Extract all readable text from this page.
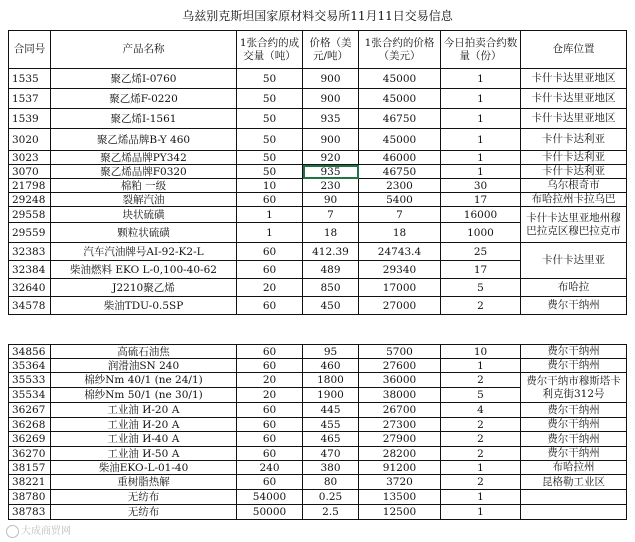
乌兹别克斯坦国家原材料交易所11月11日交易信息
合同号	产品名称	1张合约的成交量（吨）	价格（美元/吨）	1张合约的价格（美元）	今日拍卖合约数量（份）	仓库位置
1535	聚乙烯I-0760	50	900	45000	1	卡什卡达里亚地区
1537	聚乙烯F-0220	50	900	45000	1	卡什卡达里亚地区
1539	聚乙烯I-1561	50	935	46750	1	卡什卡达里亚地区
3020	聚乙烯品牌B-Y 460	50	900	45000	1	卡什卡达利亚
3023	聚乙烯品牌PY342	50	920	46000	1	卡什卡达利亚
3070	聚乙烯品牌F0320	50	935	46750	1	卡什卡达利亚
21798	棉粕 一级	10	230	2300	30	乌尔根奇市
29248	裂解汽油	60	90	5400	17	布哈拉州卡拉乌巴
29558	块状硫磺	1	7	7	16000	卡什卡达里亚地州穆巴拉克区穆巴拉克市
29559	颗粒状硫磺	1	18	18	1000	
32383	汽车汽油牌号AI-92-K2-L	60	412.39	24743.4	25	卡什卡达里亚
32384	柴油燃料 EKO L-0,100-40-62	60	489	29340	17	
32640	J2210聚乙烯	20	850	17000	5	布哈拉
34578	柴油TDU-0.5SP	60	450	27000	2	费尔干纳州
34856	高硫石油焦	60	95	5700	10	费尔干纳州
35364	润滑油SN 240	60	460	27600	1	费尔干纳州
35533	棉纱Nm 40/1 (ne 24/1)	20	1800	36000	2	费尔干纳市穆斯塔卡利克街312号
35534	棉纱Nm 50/1 (ne 30/1)	20	1900	38000	5	
36267	工业油 И-20 А	60	445	26700	4	费尔干纳州
36268	工业油 И-20 А	60	455	27300	2	费尔干纳州
36269	工业油 И-40 А	60	465	27900	2	费尔干纳州
36270	工业油 И-50 А	60	470	28200	2	费尔干纳州
38157	柴油EKO-L-01-40	240	380	91200	1	布哈拉州
38221	重树脂热解	60	80	3720	2	昆格勒工业区
38780	无纺布	54000	0.25	13500	1	
38783	无纺布	50000	2.5	12500	1	
大成商贸网
